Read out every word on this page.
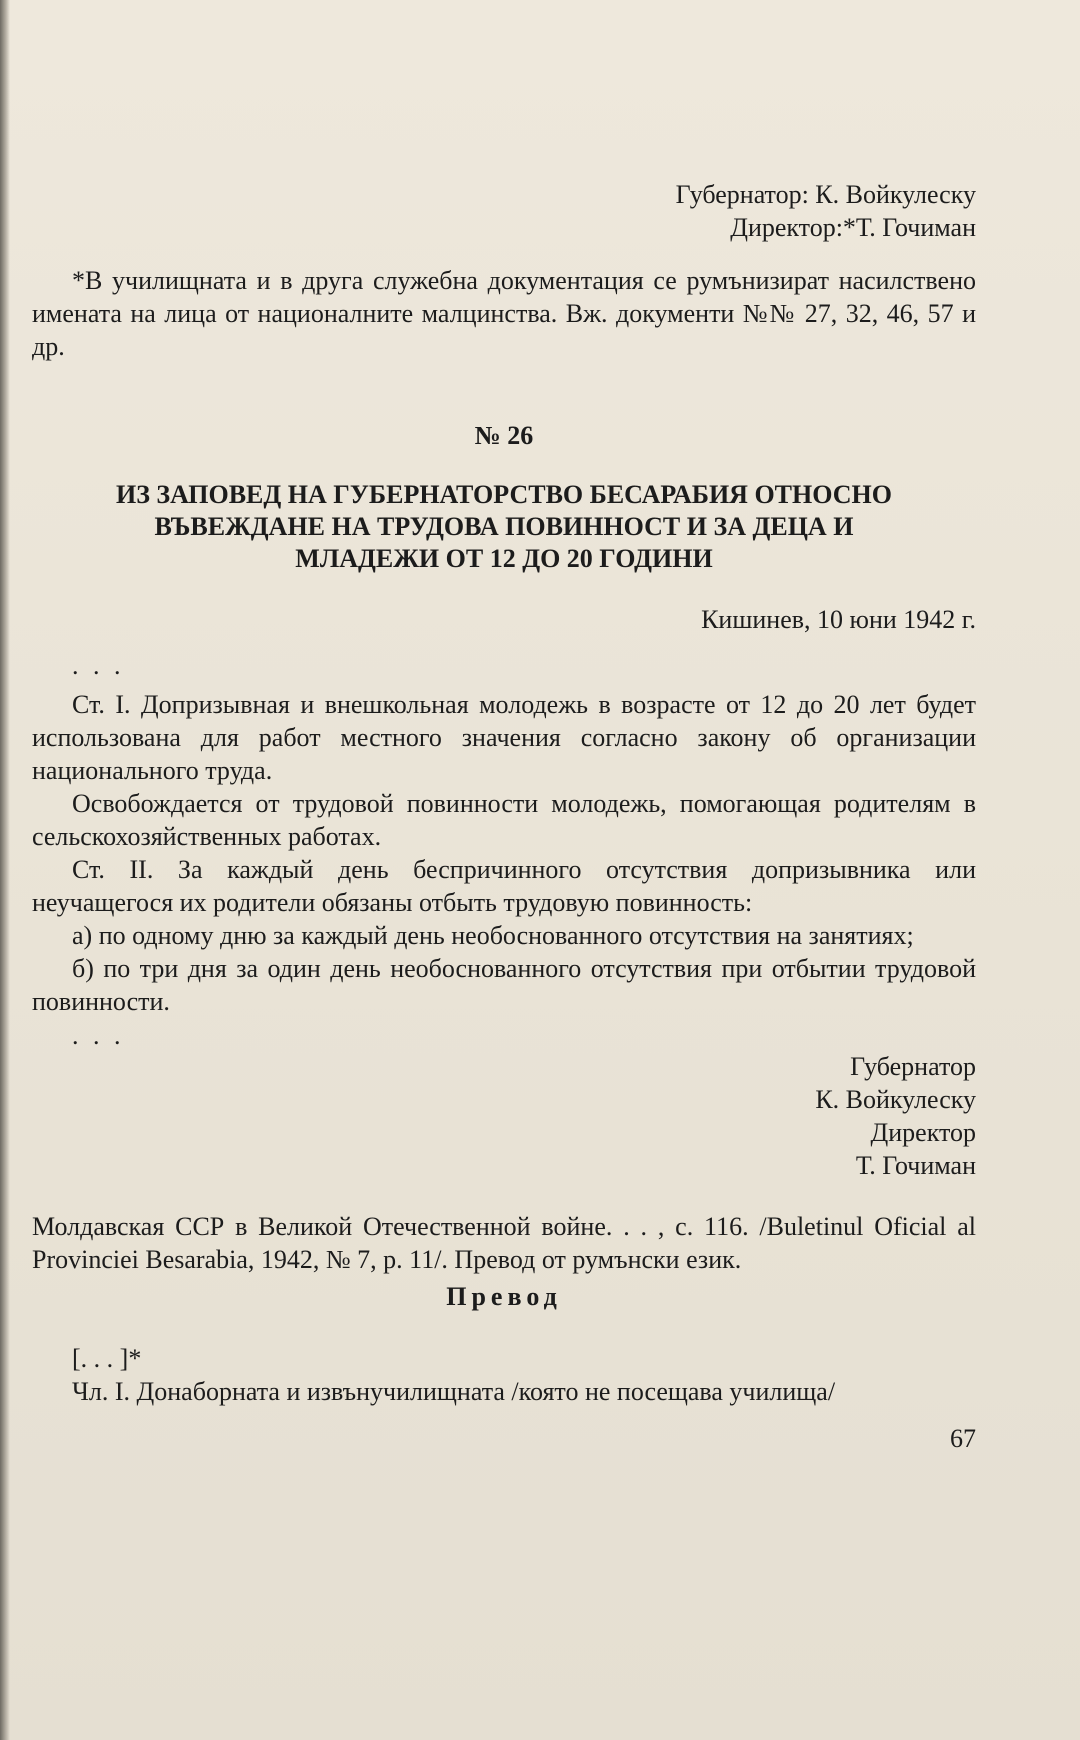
Губернатор: К. Войкулеску
Директор:*Т. Гочиман

*В училищната и в друга служебна документация се румънизират насилствено имената на лица от националните малцинства. Вж. документи №№ 27, 32, 46, 57 и др.

№ 26

ИЗ ЗАПОВЕД НА ГУБЕРНАТОРСТВО БЕСАРАБИЯ ОТНОСНО

ВЪВЕЖДАНЕ НА ТРУДОВА ПОВИННОСТ И ЗА ДЕЦА И

МЛАДЕЖИ ОТ 12 ДО 20 ГОДИНИ

Кишинев, 10 юни 1942 г.

. . .

Ст. I. Допризывная и внешкольная молодежь в возрасте от 12 до 20 лет будет использована для работ местного значения согласно закону об организации национального труда.

Освобождается от трудовой повинности молодежь, помогающая родителям в сельскохозяйственных работах.

Ст. II. За каждый день беспричинного отсутствия допризывника или неучащегося их родители обязаны отбыть трудовую повинность:

а) по одному дню за каждый день необоснованного отсутствия на занятиях;

б) по три дня за один день необоснованного отсутствия при отбытии трудовой повинности.

. . .
Губернатор
К. Войкулеску
Директор
Т. Гочиман

Молдавская ССР в Великой Отечественной войне. . . , с. 116. /Buletinul Oficial al Provinciei Besarabia, 1942, № 7, p. 11/. Превод от румънски език.

Превод

[. . . ]*

Чл. I. Донаборната и извънучилищната /която не посещава училища/

67
